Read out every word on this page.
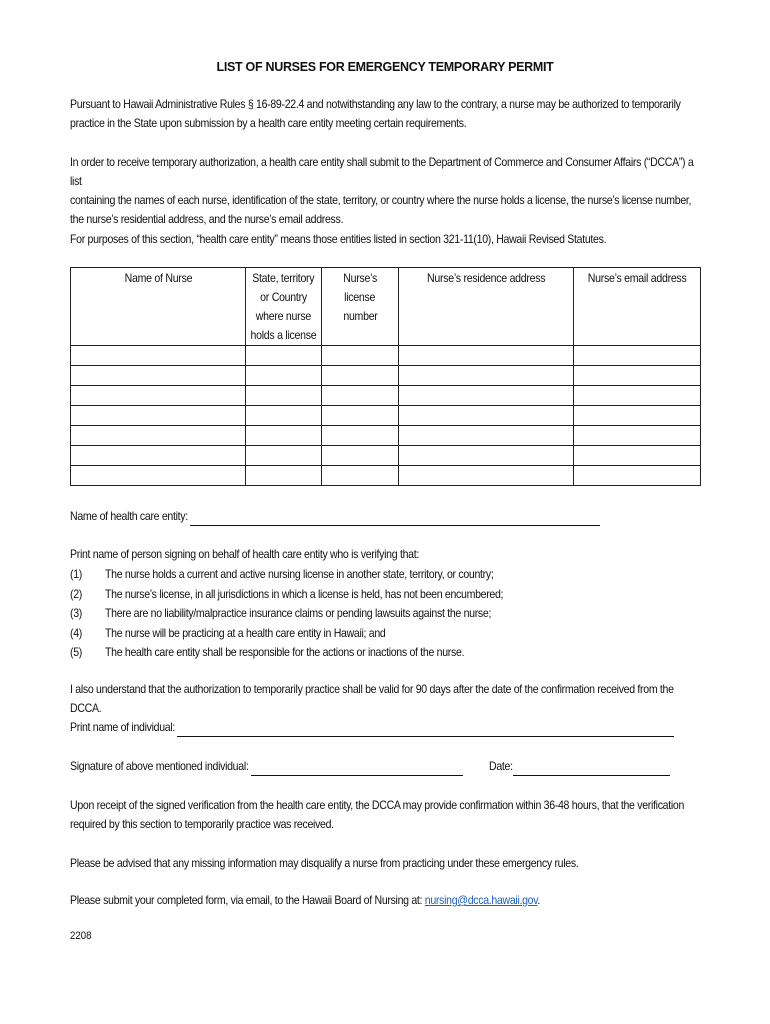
LIST OF NURSES FOR EMERGENCY TEMPORARY PERMIT
Pursuant to Hawaii Administrative Rules § 16-89-22.4 and notwithstanding any law to the contrary, a nurse may be authorized to temporarily
practice in the State upon submission by a health care entity meeting certain requirements.
In order to receive temporary authorization, a health care entity shall submit to the Department of Commerce and Consumer Affairs (“DCCA”) a list
containing the names of each nurse, identification of the state, territory, or country where the nurse holds a license, the nurse’s license number,
the nurse’s residential address, and the nurse’s email address.
For purposes of this section, “health care entity” means those entities listed in section 321-11(10), Hawaii Revised Statutes.
Name of Nurse	State, territory
or Country
where nurse
holds a license	Nurse’s
license
number	Nurse’s residence address	Nurse’s email address

Name of health care entity:
Print name of person signing on behalf of health care entity who is verifying that:
(1)	The nurse holds a current and active nursing license in another state, territory, or country;
(2)	The nurse’s license, in all jurisdictions in which a license is held, has not been encumbered;
(3)	There are no liability/malpractice insurance claims or pending lawsuits against the nurse;
(4)	The nurse will be practicing at a health care entity in Hawaii; and
(5)	The health care entity shall be responsible for the actions or inactions of the nurse.
I also understand that the authorization to temporarily practice shall be valid for 90 days after the date of the confirmation received from the DCCA.
Print name of individual:
Signature of above mentioned individual:	Date:
Upon receipt of the signed verification from the health care entity, the DCCA may provide confirmation within 36-48 hours, that the verification
required by this section to temporarily practice was received.
Please be advised that any missing information may disqualify a nurse from practicing under these emergency rules.
Please submit your completed form, via email, to the Hawaii Board of Nursing at: nursing@dcca.hawaii.gov.
2208
